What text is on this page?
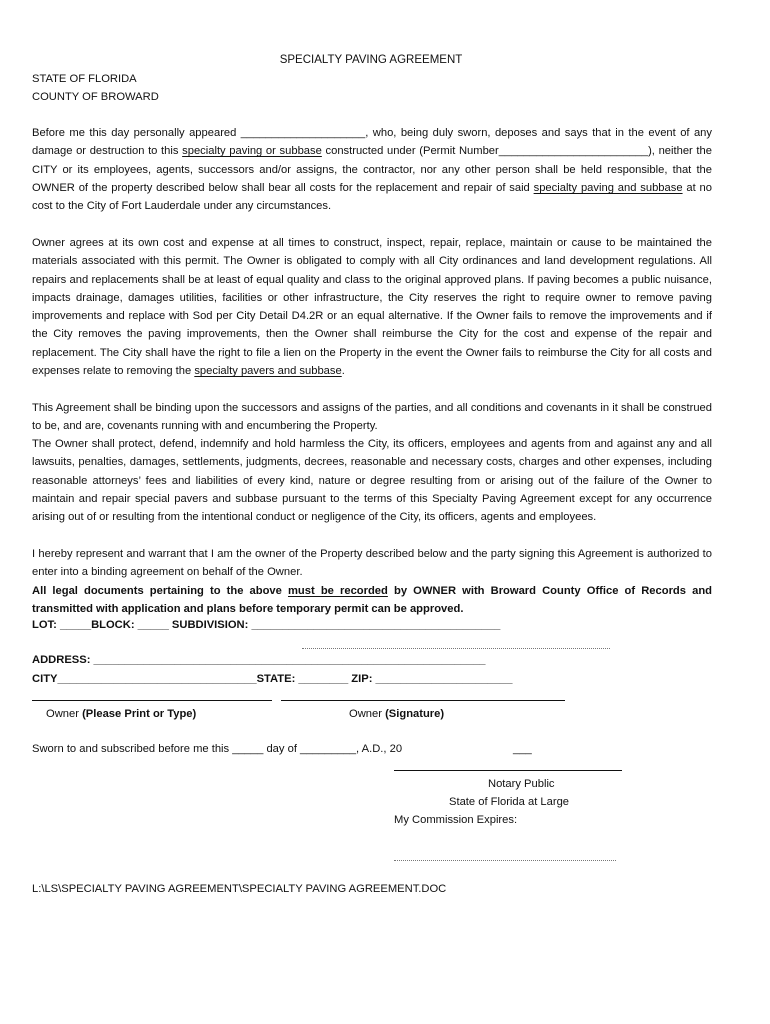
SPECIALTY PAVING AGREEMENT
STATE OF FLORIDA
COUNTY OF BROWARD
Before me this day personally appeared ____________________, who, being duly sworn, deposes and says that in the event of any damage or destruction to this specialty paving or subbase constructed under (Permit Number________________________), neither the CITY or its employees, agents, successors and/or assigns, the contractor, nor any other person shall be held responsible, that the OWNER of the property described below shall bear all costs for the replacement and repair of said specialty paving and subbase at no cost to the City of Fort Lauderdale under any circumstances.
Owner agrees at its own cost and expense at all times to construct, inspect, repair, replace, maintain or cause to be maintained the materials associated with this permit. The Owner is obligated to comply with all City ordinances and land development regulations. All repairs and replacements shall be at least of equal quality and class to the original approved plans. If paving becomes a public nuisance, impacts drainage, damages utilities, facilities or other infrastructure, the City reserves the right to require owner to remove paving improvements and replace with Sod per City Detail D4.2R or an equal alternative. If the Owner fails to remove the improvements and if the City removes the paving improvements, then the Owner shall reimburse the City for the cost and expense of the repair and replacement. The City shall have the right to file a lien on the Property in the event the Owner fails to reimburse the City for all costs and expenses relate to removing the specialty pavers and subbase.
This Agreement shall be binding upon the successors and assigns of the parties, and all conditions and covenants in it shall be construed to be, and are, covenants running with and encumbering the Property.
The Owner shall protect, defend, indemnify and hold harmless the City, its officers, employees and agents from and against any and all lawsuits, penalties, damages, settlements, judgments, decrees, reasonable and necessary costs, charges and other expenses, including reasonable attorneys’ fees and liabilities of every kind, nature or degree resulting from or arising out of the failure of the Owner to maintain and repair special pavers and subbase pursuant to the terms of this Specialty Paving Agreement except for any occurrence arising out of or resulting from the intentional conduct or negligence of the City, its officers, agents and employees.
I hereby represent and warrant that I am the owner of the Property described below and the party signing this Agreement is authorized to enter into a binding agreement on behalf of the Owner.
All legal documents pertaining to the above must be recorded by OWNER with Broward County Office of Records and transmitted with application and plans before temporary permit can be approved.
LOT: _____BLOCK: _____ SUBDIVISION: ________________________________________
ADDRESS: _______________________________________________________________
CITY________________________________STATE: ________ ZIP: ______________________
Owner (Please Print or Type)	Owner (Signature)
Sworn to and subscribed before me this _____ day of _________, A.D., 20	___
Notary Public
State of Florida at Large
My Commission Expires:
L:\LS\SPECIALTY PAVING AGREEMENT\SPECIALTY PAVING AGREEMENT.DOC
